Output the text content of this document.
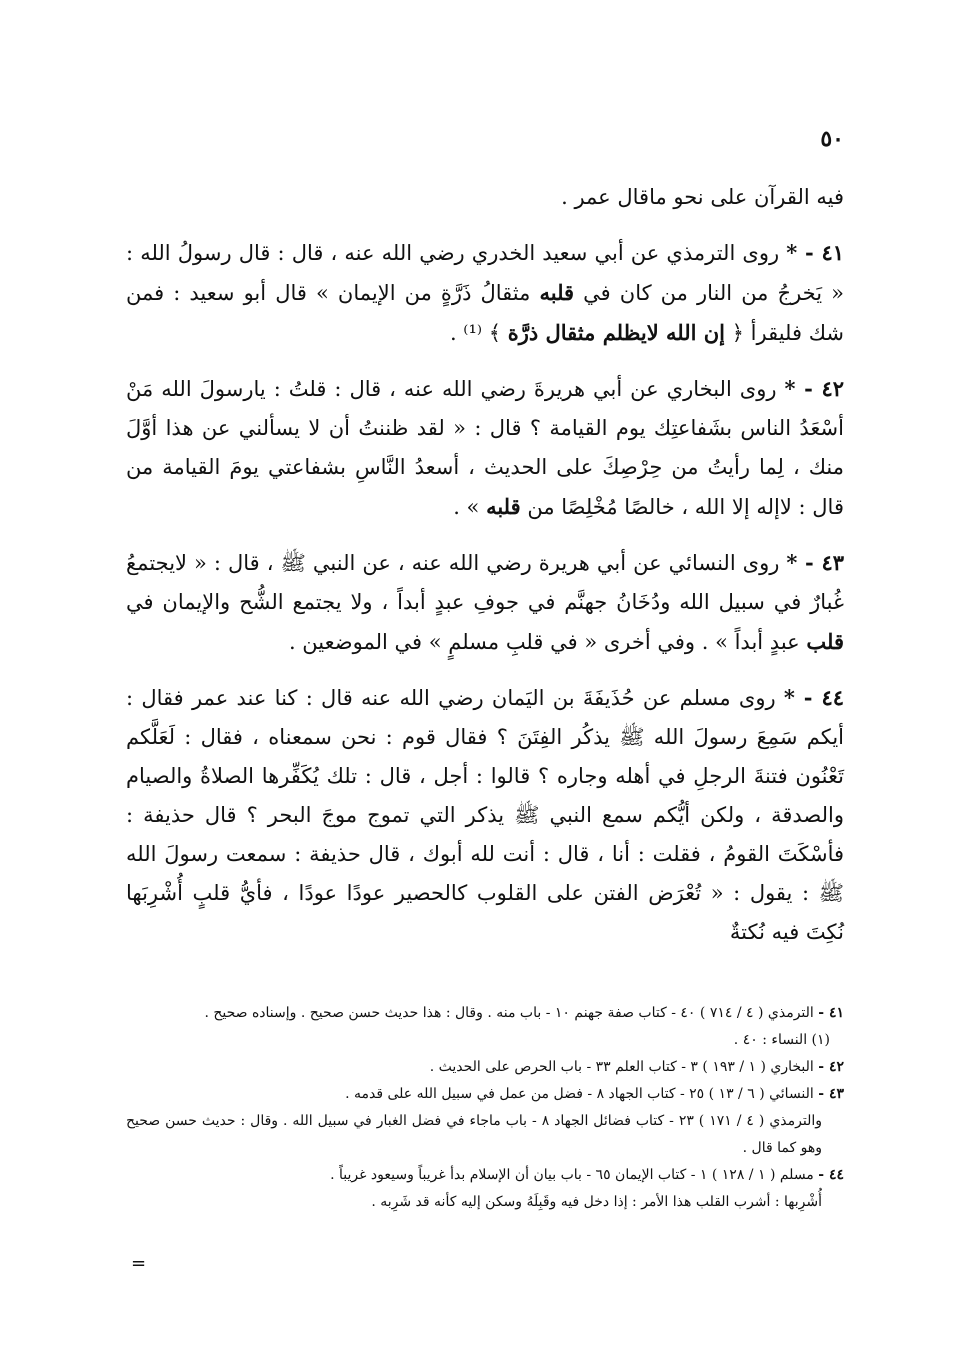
٥٠

فيه القرآن على نحو ماقال عمر .

٤١ - * روى الترمذي عن أبي سعيد الخدري رضي الله عنه ، قال : قال رسولُ الله : « يَخرجُ من النار من كان في قلبه مثقالُ ذَرَّةٍ من الإيمان » قال أبو سعيد : فمن شك فليقرأ ﴿ إن الله لايظلم مثقال ذرَّة ﴾ ⁽¹⁾ .

٤٢ - * روى البخاري عن أبي هريرةَ رضي الله عنه ، قال : قلتُ : يارسولَ الله مَنْ أسْعَدُ الناس بشَفاعتِك يوم القيامة ؟ قال : « لقد ظننتُ أن لا يسألني عن هذا أوَّلَ منك ، لِما رأيتُ من حِرْصِكَ على الحديث ، أسعدُ النَّاسِ بشفاعتي يومَ القيامة من قال : لاإله إلا الله ، خالصًا مُخْلِصًا من قلبه » .

٤٣ - * روى النسائي عن أبي هريرة رضي الله عنه ، عن النبي ﷺ ، قال : « لايجتمعُ غُبارٌ في سبيل الله ودُخَانُ جهنَّم في جوفِ عبدٍ أبداً ، ولا يجتمع الشُّح والإيمان في قلب عبدٍ أبداً » . وفي أخرى « في قلبِ مسلمٍ » في الموضعين .

٤٤ - * روى مسلم عن حُذَيفَةَ بن اليَمان رضي الله عنه قال : كنا عند عمر فقال : أيكم سَمِعَ رسولَ الله ﷺ يذكُر الفِتَنَ ؟ فقال قوم : نحن سمعناه ، فقال : لَعَلَّكم تَعْنُون فتنةَ الرجلِ في أهله وجاره ؟ قالوا : أجل ، قال : تلك يُكَفِّرها الصلاةُ والصيام والصدقة ، ولكن أيُّكم سمع النبي ﷺ يذكر التي تموج موجَ البحر ؟ قال حذيفة : فأسْكَتَ القومُ ، فقلت : أنا ، قال : أنت لله أبوك ، قال حذيفة : سمعت رسولَ الله ﷺ : يقول : « تُعْرَض الفتن على القلوب كالحصير عودًا عودًا ، فأيُّ قلبٍ أُشْرِبَها نُكِتَ فيه نُكتةٌ

٤١ - الترمذي ( ٤ / ٧١٤ ) ٤٠ - كتاب صفة جهنم ١٠ - باب منه . وقال : هذا حديث حسن صحيح . وإسناده صحيح .

(١) النساء : ٤٠ .

٤٢ - البخاري ( ١ / ١٩٣ ) ٣ - كتاب العلم ٣٣ - باب الحرص على الحديث .

٤٣ - النسائي ( ٦ / ١٣ ) ٢٥ - كتاب الجهاد ٨ - فضل من عمل في سبيل الله على قدمه .

والترمذي ( ٤ / ١٧١ ) ٢٣ - كتاب فضائل الجهاد ٨ - باب ماجاء في فضل الغبار في سبيل الله . وقال : حديث حسن صحيح وهو كما قال .

٤٤ - مسلم ( ١ / ١٢٨ ) ١ - كتاب الإيمان ٦٥ - باب بيان أن الإسلام بدأ غريباً وسيعود غريباً .

أُشْرِبها : أشرب القلب هذا الأمر : إذا دخل فيه وقَبِلَهُ وسكن إليه كأنه قد شَرِبه .

=
